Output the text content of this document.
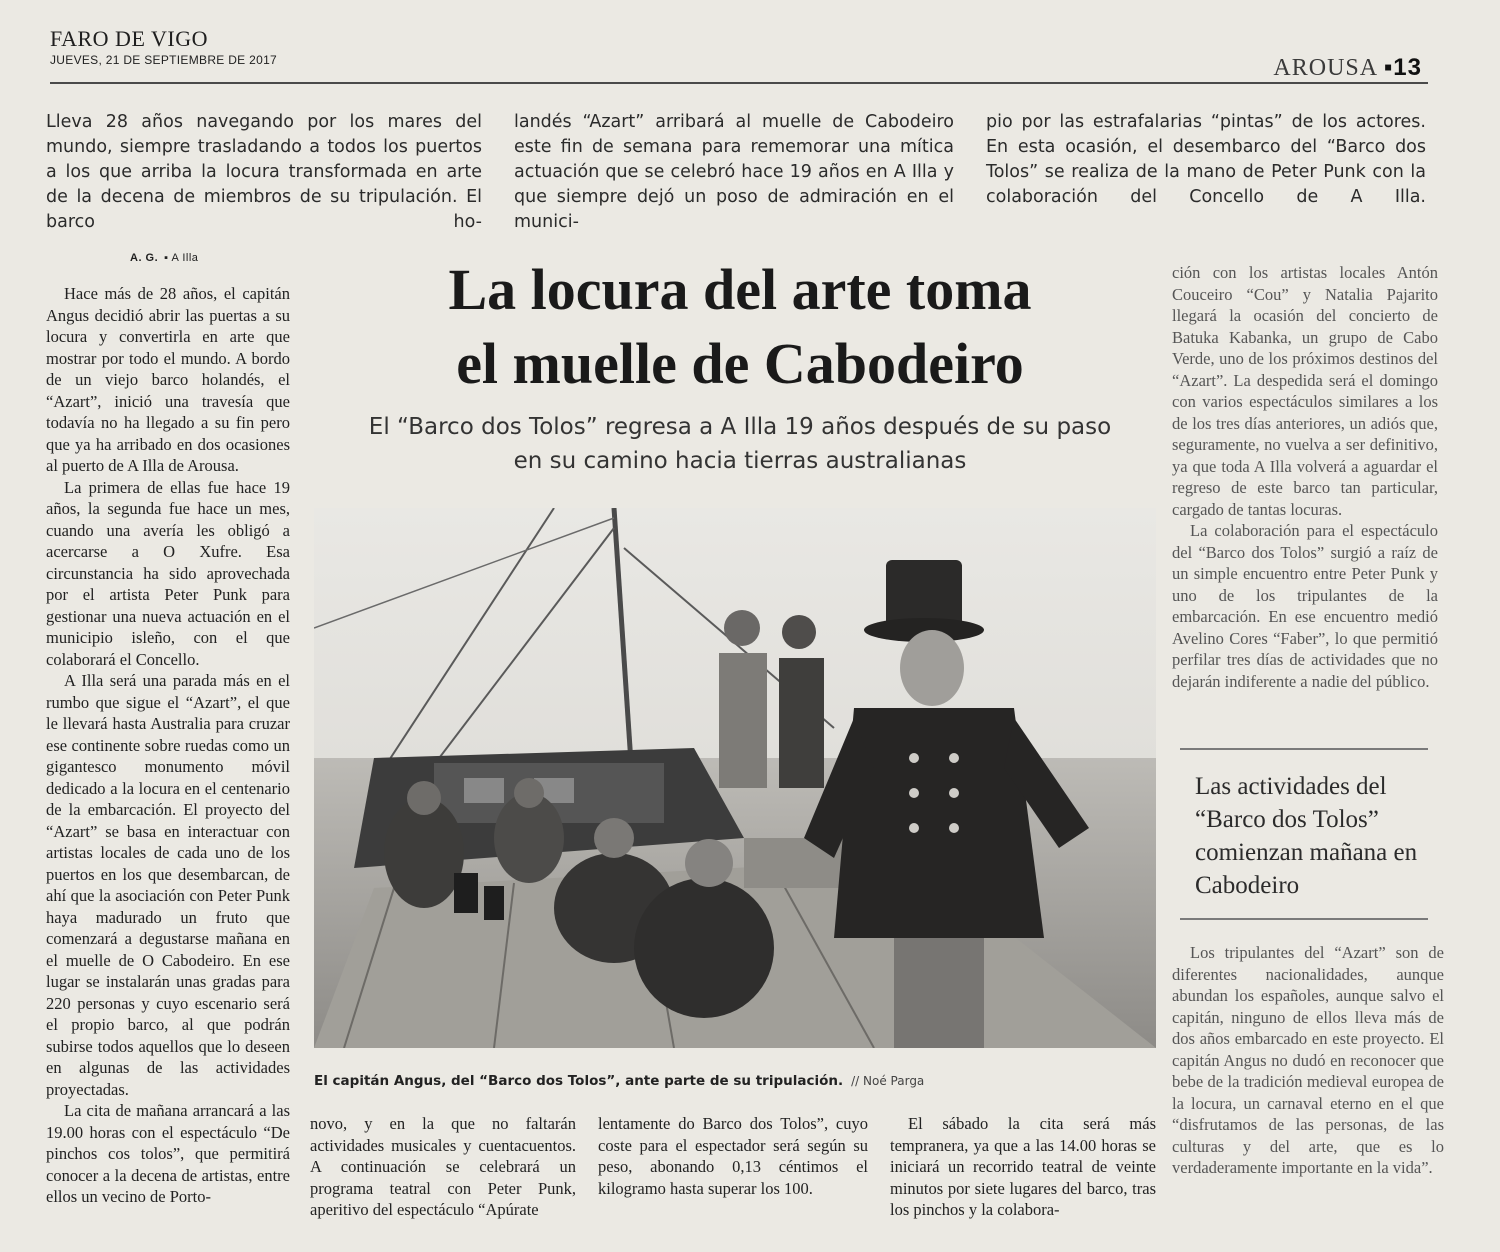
FARO DE VIGO
JUEVES, 21 DE SEPTIEMBRE DE 2017	AROUSA ▪13

Lleva 28 años navegando por los mares del mundo, siempre trasladando a todos los puertos a los que arriba la locura transformada en arte de la decena de miembros de su tripulación. El barco ho-

landés “Azart” arribará al muelle de Cabodeiro este fin de semana para rememorar una mítica actuación que se celebró hace 19 años en A Illa y que siempre dejó un poso de admiración en el munici-

pio por las estrafalarias “pintas” de los actores. En esta ocasión, el desembarco del “Barco dos Tolos” se realiza de la mano de Peter Punk con la colaboración del Concello de A Illa.

A. G. ▪ A Illa	La locura del arte toma
el muelle de Cabodeiro
El “Barco dos Tolos” regresa a A Illa 19 años después de su paso
en su camino hacia tierras australianas

Hace más de 28 años, el capitán Angus decidió abrir las puertas a su locura y convertirla en arte que mostrar por todo el mundo. A bordo de un viejo barco holandés, el “Azart”, inició una travesía que todavía no ha llegado a su fin pero que ya ha arribado en dos ocasiones al puerto de A Illa de Arousa.

La primera de ellas fue hace 19 años, la segunda fue hace un mes, cuando una avería les obligó a acercarse a O Xufre. Esa circunstancia ha sido aprovechada por el artista Peter Punk para gestionar una nueva actuación en el municipio isleño, con el que colaborará el Concello.

A Illa será una parada más en el rumbo que sigue el “Azart”, el que le llevará hasta Australia para cruzar ese continente sobre ruedas como un gigantesco monumento móvil dedicado a la locura en el centenario de la embarcación. El proyecto del “Azart” se basa en interactuar con artistas locales de cada uno de los puertos en los que desembarcan, de ahí que la asociación con Peter Punk haya madurado un fruto que comenzará a degustarse mañana en el muelle de O Cabodeiro. En ese lugar se instalarán unas gradas para 220 personas y cuyo escenario será el propio barco, al que podrán subirse todos aquellos que lo deseen en algunas de las actividades proyectadas.

La cita de mañana arrancará a las 19.00 horas con el espectáculo “De pinchos cos tolos”, que permitirá conocer a la decena de artistas, entre ellos un vecino de Porto-

El capitán Angus, del “Barco dos Tolos”, ante parte de su tripulación. // Noé Parga

novo, y en la que no faltarán actividades musicales y cuentacuentos. A continuación se celebrará un programa teatral con Peter Punk, aperitivo del espectáculo “Apúrate

lentamente do Barco dos Tolos”, cuyo coste para el espectador será según su peso, abonando 0,13 céntimos el kilogramo hasta superar los 100.

El sábado la cita será más tempranera, ya que a las 14.00 horas se iniciará un recorrido teatral de veinte minutos por siete lugares del barco, tras los pinchos y la colabora-

ción con los artistas locales Antón Couceiro “Cou” y Natalia Pajarito llegará la ocasión del concierto de Batuka Kabanka, un grupo de Cabo Verde, uno de los próximos destinos del “Azart”. La despedida será el domingo con varios espectáculos similares a los de los tres días anteriores, un adiós que, seguramente, no vuelva a ser definitivo, ya que toda A Illa volverá a aguardar el regreso de este barco tan particular, cargado de tantas locuras.

La colaboración para el espectáculo del “Barco dos Tolos” surgió a raíz de un simple encuentro entre Peter Punk y uno de los tripulantes de la embarcación. En ese encuentro medió Avelino Cores “Faber”, lo que permitió perfilar tres días de actividades que no dejarán indiferente a nadie del público.

Las actividades del “Barco dos Tolos” comienzan mañana en Cabodeiro

Los tripulantes del “Azart” son de diferentes nacionalidades, aunque abundan los españoles, aunque salvo el capitán, ninguno de ellos lleva más de dos años embarcado en este proyecto. El capitán Angus no dudó en reconocer que bebe de la tradición medieval europea de la locura, un carnaval eterno en el que “disfrutamos de las personas, de las culturas y del arte, que es lo verdaderamente importante en la vida”.
